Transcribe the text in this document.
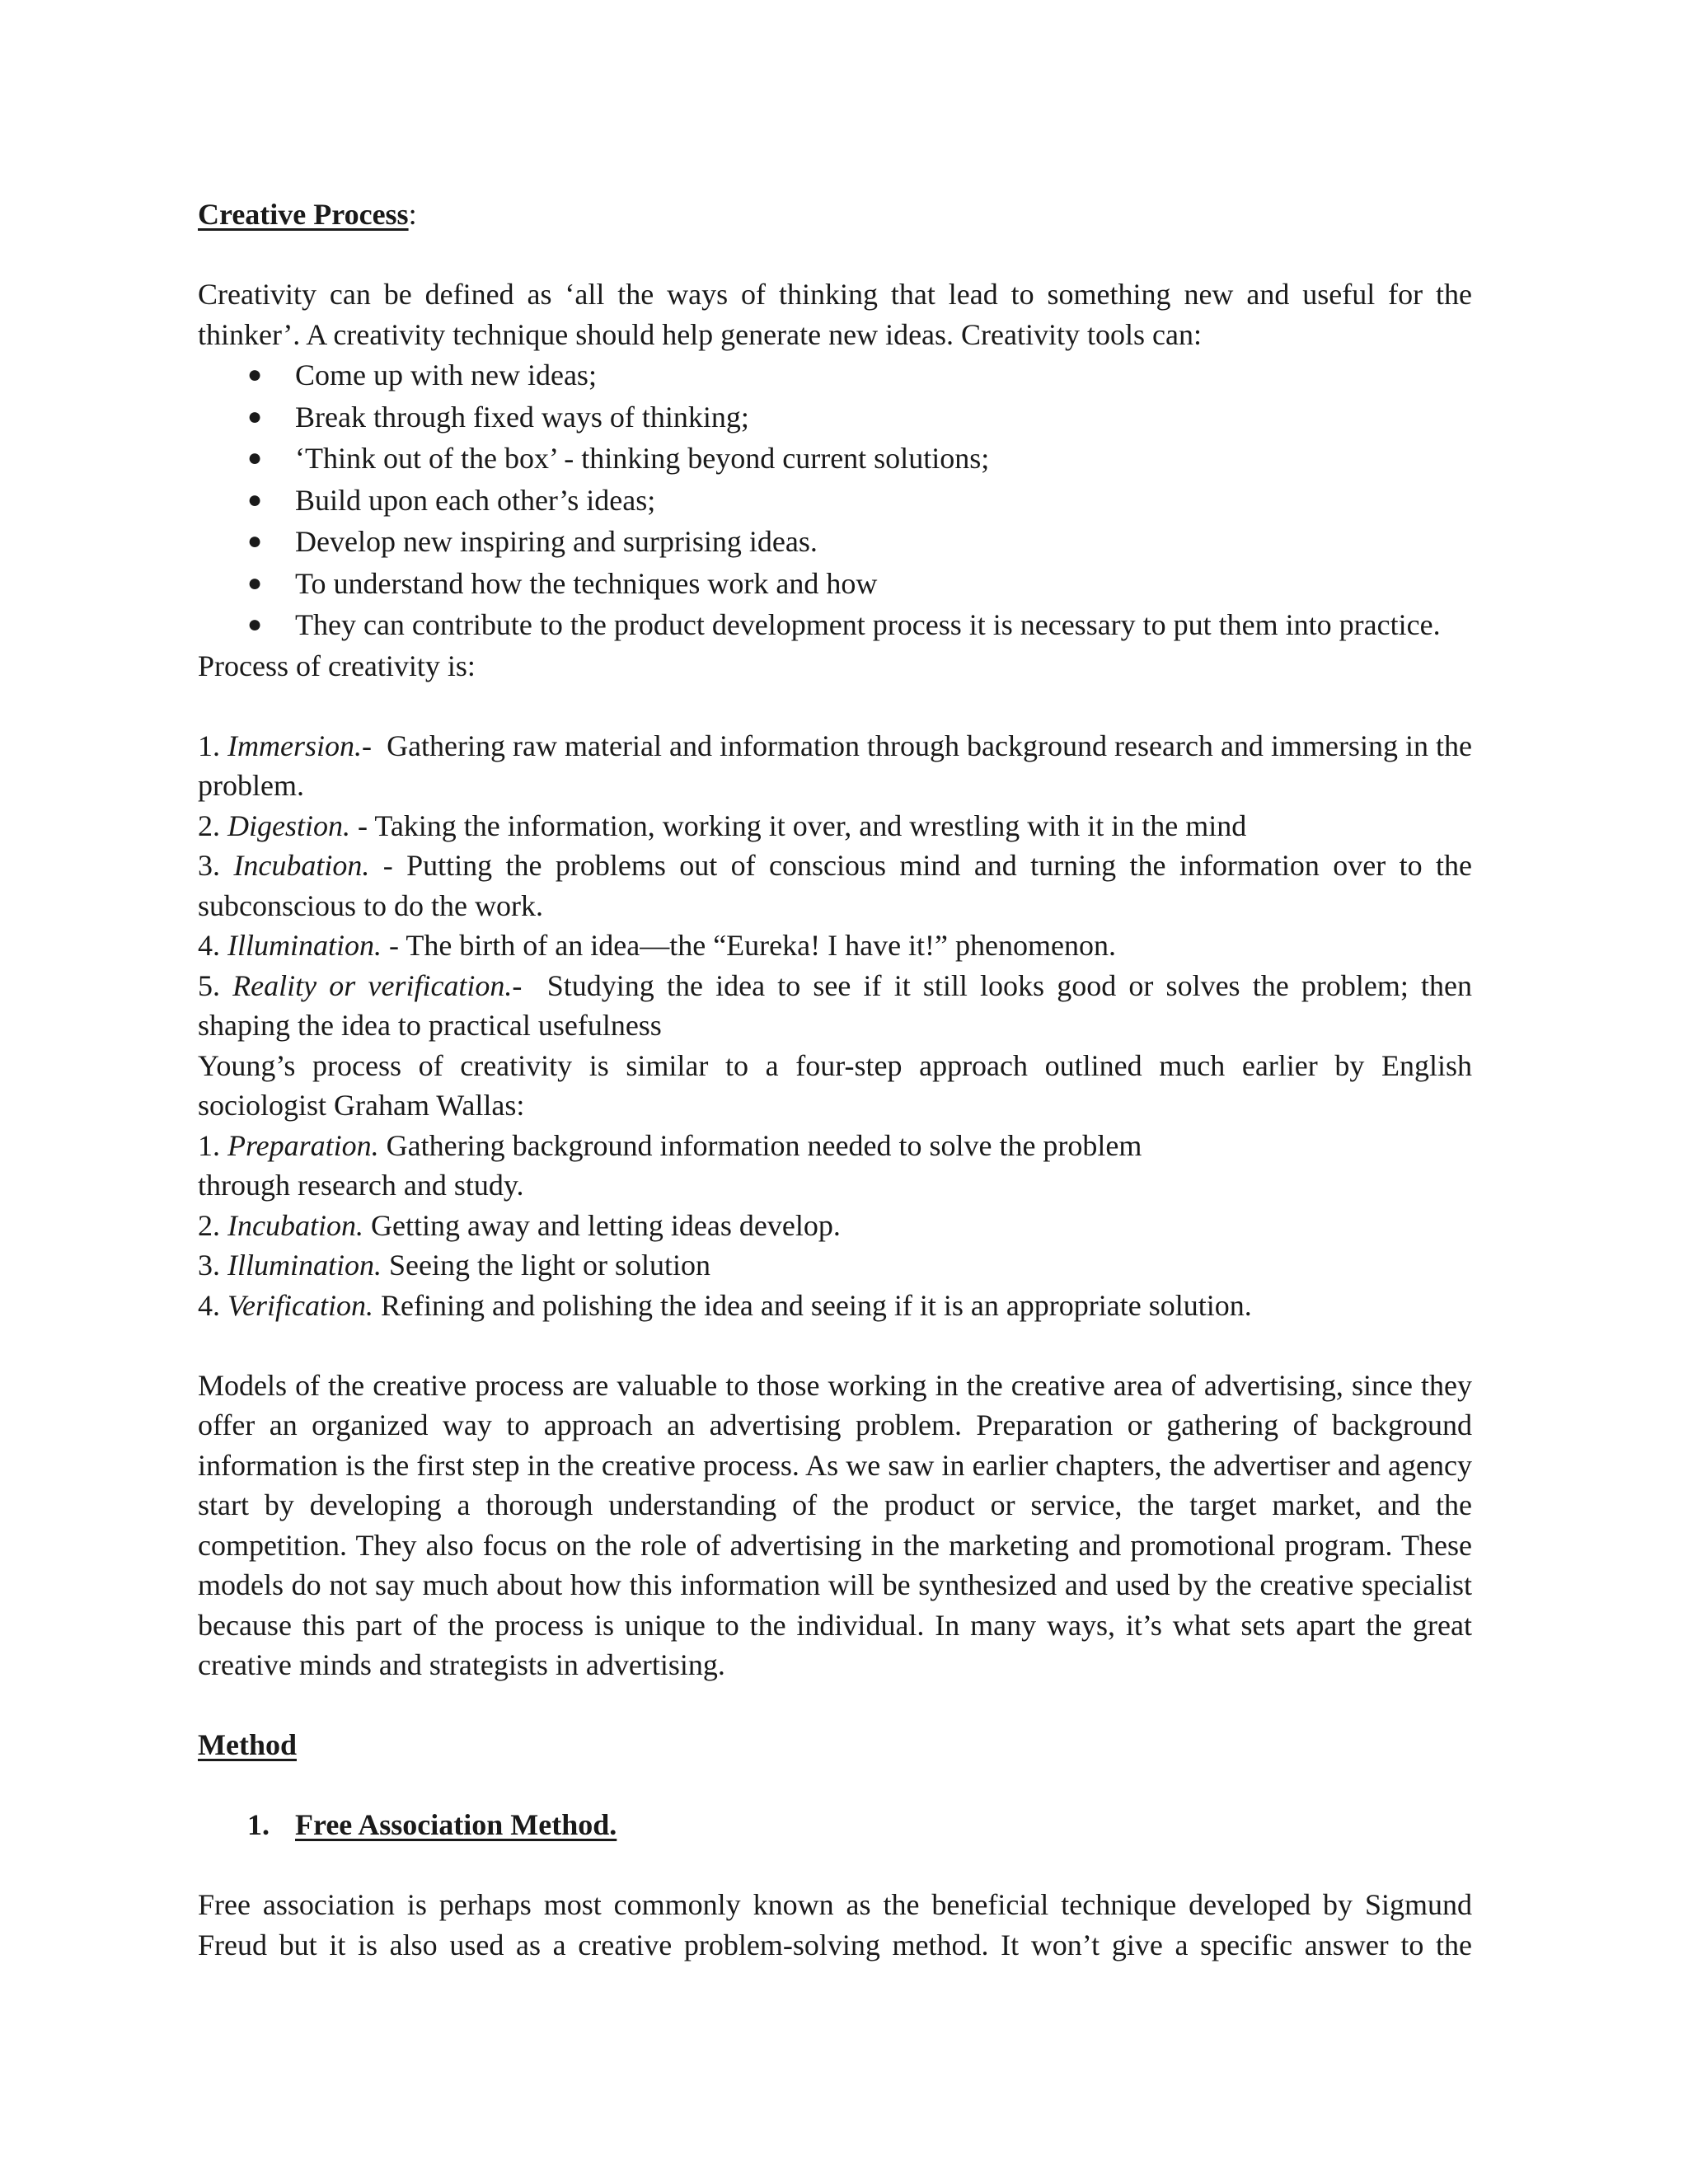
Creative Process:

Creativity can be defined as ‘all the ways of thinking that lead to something new and useful for the thinker’. A creativity technique should help generate new ideas. Creativity tools can:

● Come up with new ideas;
● Break through fixed ways of thinking;
● ‘Think out of the box’ - thinking beyond current solutions;
● Build upon each other’s ideas;
● Develop new inspiring and surprising ideas.
● To understand how the techniques work and how
● They can contribute to the product development process it is necessary to put them into practice.

Process of creativity is:

1. Immersion.-  Gathering raw material and information through background research and immersing in the problem.

2. Digestion. - Taking the information, working it over, and wrestling with it in the mind

3. Incubation. - Putting the problems out of conscious mind and turning the information over to the subconscious to do the work.

4. Illumination. - The birth of an idea—the “Eureka! I have it!” phenomenon.

5. Reality or verification.-  Studying the idea to see if it still looks good or solves the problem; then shaping the idea to practical usefulness

Young’s process of creativity is similar to a four-step approach outlined much earlier by English sociologist Graham Wallas:

1. Preparation. Gathering background information needed to solve the problem

through research and study.

2. Incubation. Getting away and letting ideas develop.

3. Illumination. Seeing the light or solution

4. Verification. Refining and polishing the idea and seeing if it is an appropriate solution.

Models of the creative process are valuable to those working in the creative area of advertising, since they offer an organized way to approach an advertising problem. Preparation or gathering of background information is the first step in the creative process. As we saw in earlier chapters, the advertiser and agency start by developing a thorough understanding of the product or service, the target market, and the competition. They also focus on the role of advertising in the marketing and promotional program. These models do not say much about how this information will be synthesized and used by the creative specialist because this part of the process is unique to the individual. In many ways, it’s what sets apart the great creative minds and strategists in advertising.

Method

1. Free Association Method.

Free association is perhaps most commonly known as the beneficial technique developed by Sigmund Freud but it is also used as a creative problem-solving method. It won’t give a specific answer to the
